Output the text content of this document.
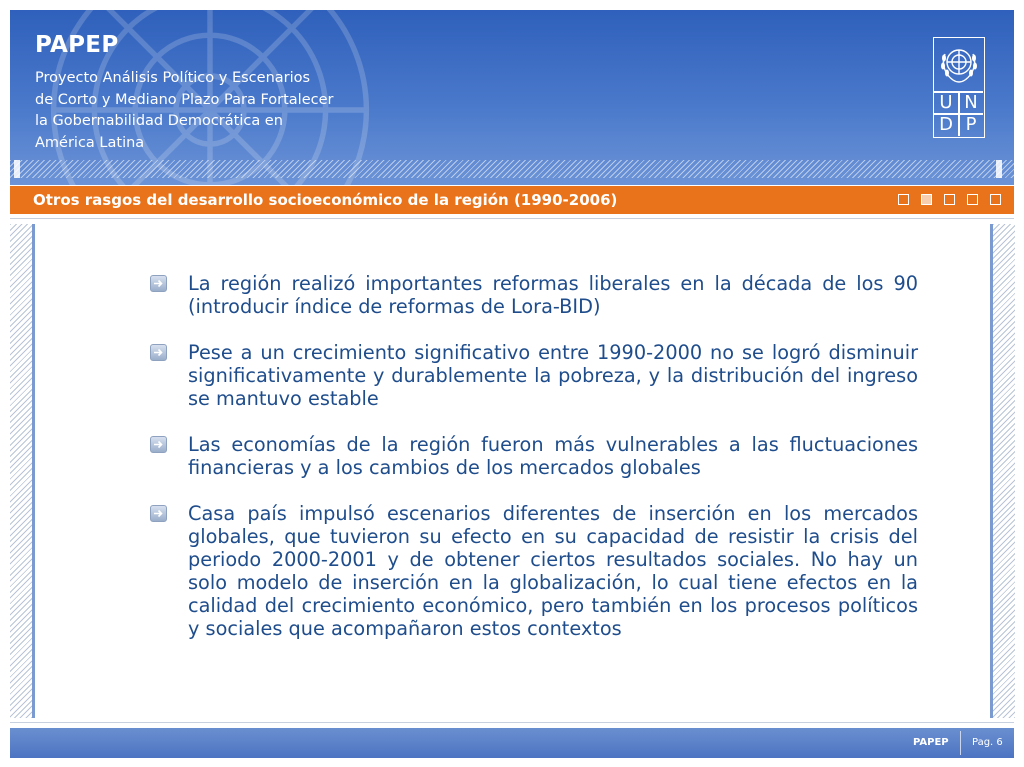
PAPEP
Proyecto Análisis Político y Escenarios
de Corto y Mediano Plazo Para Fortalecer
la Gobernabilidad Democrática en
América Latina
U N
D P
Otros rasgos del desarrollo socioeconómico de la región (1990-2006)

La región realizó importantes reformas liberales en la década de los 90 (introducir índice de reformas de Lora-BID)

Pese a un crecimiento significativo entre 1990-2000 no se logró disminuir significativamente y durablemente la pobreza, y la distribución del ingreso se mantuvo estable

Las economías de la región fueron más vulnerables a las fluctuaciones financieras y a los cambios de los mercados globales

Casa país impulsó escenarios diferentes de inserción en los mercados globales, que tuvieron su efecto en su capacidad de resistir la crisis del periodo 2000-2001 y de obtener ciertos resultados sociales. No hay un solo modelo de inserción en la globalización, lo cual tiene efectos en la calidad del crecimiento económico, pero también en los procesos políticos y sociales que acompañaron estos contextos

PAPEP Pag. 6
